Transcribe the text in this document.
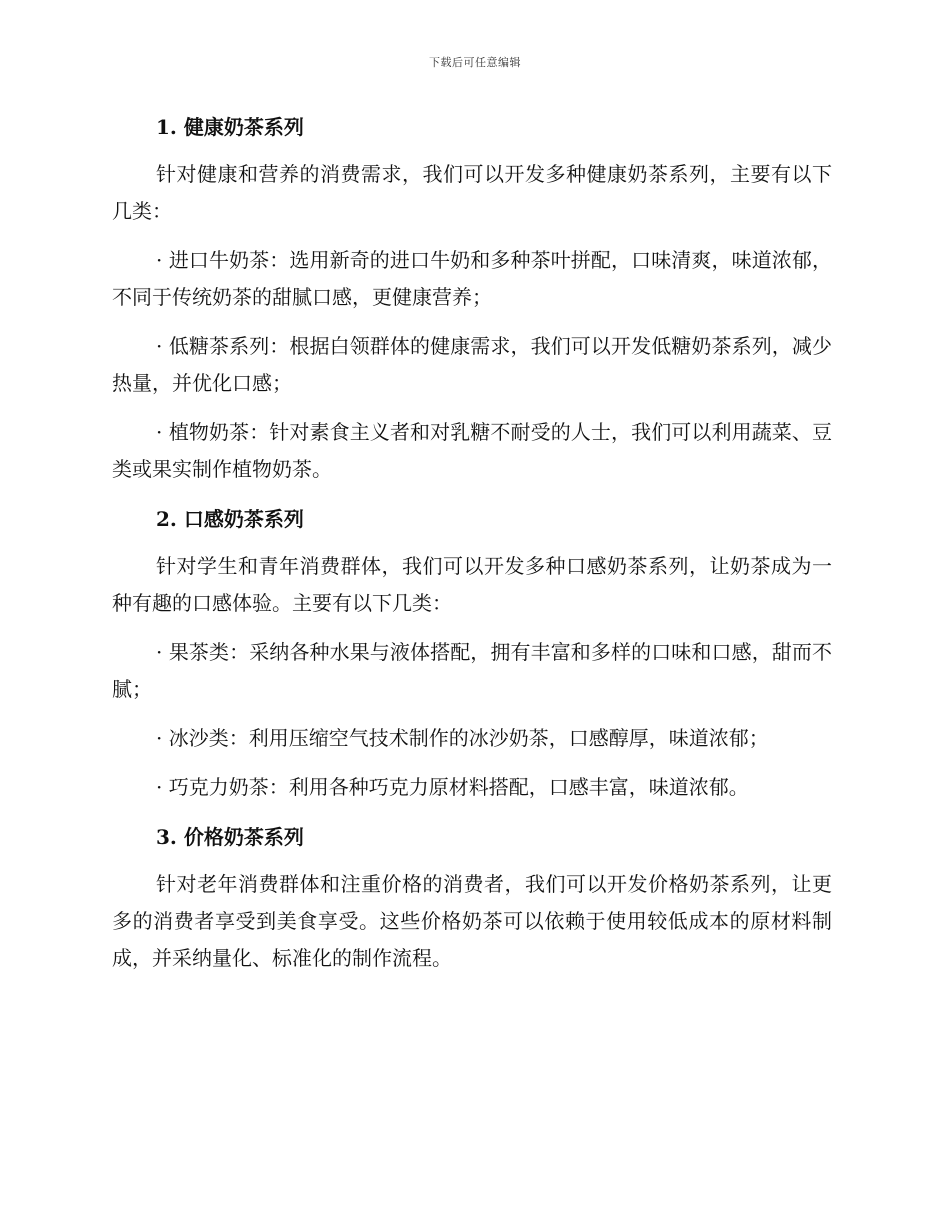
下载后可任意编辑
1. 健康奶茶系列
针对健康和营养的消费需求，我们可以开发多种健康奶茶系列，主要有以下几类：
· 进口牛奶茶：选用新奇的进口牛奶和多种茶叶拼配，口味清爽，味道浓郁，不同于传统奶茶的甜腻口感，更健康营养；
· 低糖茶系列：根据白领群体的健康需求，我们可以开发低糖奶茶系列，减少热量，并优化口感；
· 植物奶茶：针对素食主义者和对乳糖不耐受的人士，我们可以利用蔬菜、豆类或果实制作植物奶茶。
2. 口感奶茶系列
针对学生和青年消费群体，我们可以开发多种口感奶茶系列，让奶茶成为一种有趣的口感体验。主要有以下几类：
· 果茶类：采纳各种水果与液体搭配，拥有丰富和多样的口味和口感，甜而不腻；
· 冰沙类：利用压缩空气技术制作的冰沙奶茶，口感醇厚，味道浓郁；
· 巧克力奶茶：利用各种巧克力原材料搭配，口感丰富，味道浓郁。
3. 价格奶茶系列
针对老年消费群体和注重价格的消费者，我们可以开发价格奶茶系列，让更多的消费者享受到美食享受。这些价格奶茶可以依赖于使用较低成本的原材料制成，并采纳量化、标准化的制作流程。
